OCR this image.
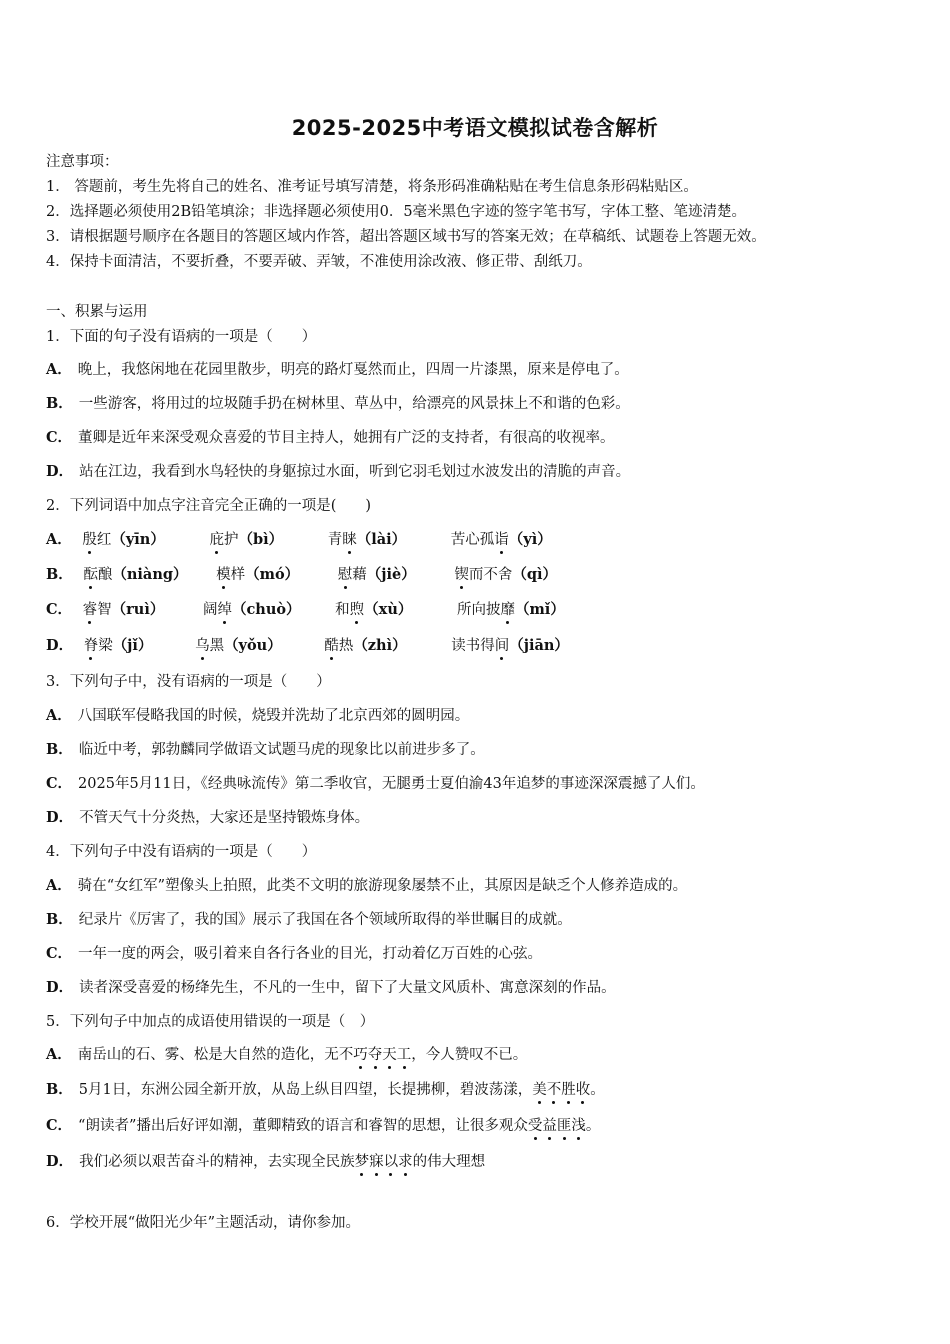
2025-2025中考语文模拟试卷含解析
注意事项：
1． 答题前，考生先将自己的姓名、准考证号填写清楚，将条形码准确粘贴在考生信息条形码粘贴区。
2．选择题必须使用2B铅笔填涂；非选择题必须使用0．5毫米黑色字迹的签字笔书写，字体工整、笔迹清楚。
3．请根据题号顺序在各题目的答题区域内作答，超出答题区域书写的答案无效；在草稿纸、试题卷上答题无效。
4．保持卡面清洁，不要折叠，不要弄破、弄皱，不准使用涂改液、修正带、刮纸刀。
一、积累与运用
1．下面的句子没有语病的一项是（　　）
A． 晚上，我悠闲地在花园里散步，明亮的路灯戛然而止，四周一片漆黑，原来是停电了。
B． 一些游客，将用过的垃圾随手扔在树林里、草丛中，给漂亮的风景抹上不和谐的色彩。
C． 董卿是近年来深受观众喜爱的节目主持人，她拥有广泛的支持者，有很高的收视率。
D． 站在江边，我看到水鸟轻快的身躯掠过水面，听到它羽毛划过水波发出的清脆的声音。
2．下列词语中加点字注音完全正确的一项是(　　)
A． 殷红（yīn）	庇护（bì）	青睐（lài）	苦心孤诣（yì）
B． 酝酿（niàng） 模样（mó）	慰藉（jiè）	锲而不舍（qì）
C． 睿智（ruì）	阔绰（chuò） 和煦（xù）	所向披靡（mǐ）
D． 脊梁（jǐ）	乌黑（yǒu）	酷热（zhì）	读书得间（jiān）
3．下列句子中，没有语病的一项是（　　）
A． 八国联军侵略我国的时候，烧毁并洗劫了北京西郊的圆明园。
B． 临近中考，郭勃麟同学做语文试题马虎的现象比以前进步多了。
C． 2025年5月11日，《经典咏流传》第二季收官，无腿勇士夏伯渝43年追梦的事迹深深震撼了人们。
D． 不管天气十分炎热，大家还是坚持锻炼身体。
4．下列句子中没有语病的一项是（　　）
A． 骑在“女红军”塑像头上拍照，此类不文明的旅游现象屡禁不止，其原因是缺乏个人修养造成的。
B． 纪录片《厉害了，我的国》展示了我国在各个领域所取得的举世瞩目的成就。
C． 一年一度的两会，吸引着来自各行各业的目光，打动着亿万百姓的心弦。
D． 读者深受喜爱的杨绛先生，不凡的一生中，留下了大量文风质朴、寓意深刻的作品。
5．下列句子中加点的成语使用错误的一项是（　）
A． 南岳山的石、雾、松是大自然的造化，无不巧夺天工，今人赞叹不已。
B． 5月1日，东洲公园全新开放，从岛上纵目四望，长提拂柳，碧波荡漾，美不胜收。
C． “朗读者”播出后好评如潮，董卿精致的语言和睿智的思想，让很多观众受益匪浅。
D． 我们必须以艰苦奋斗的精神，去实现全民族梦寐以求的伟大理想
6．学校开展“做阳光少年”主题活动，请你参加。
